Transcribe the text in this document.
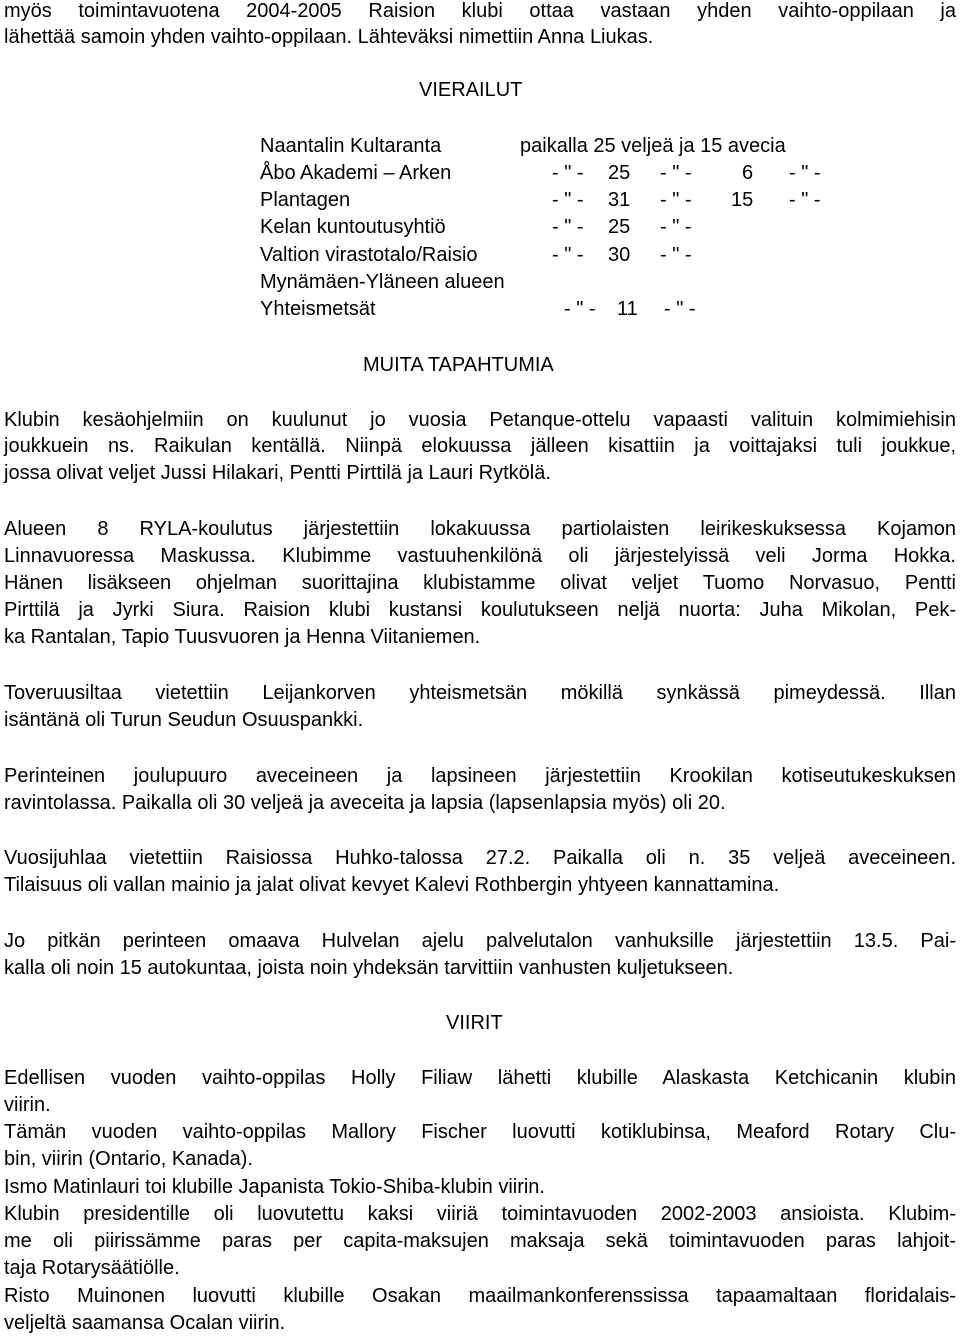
myös toimintavuotena 2004-2005 Raision klubi ottaa vastaan yhden vaihto-oppilaan ja
lähettää samoin yhden vaihto-oppilaan. Lähteväksi nimettiin Anna Liukas.
VIERAILUT
Naantalin Kultaranta	paikalla 25 veljeä ja 15 avecia
Åbo Akademi – Arken	- " - 25 - " -	6 - " -
Plantagen	- " - 31 - " - 15 - " -
Kelan kuntoutusyhtiö	- " - 25 - " -
Valtion virastotalo/Raisio	- " - 30 - " -
Mynämäen-Yläneen alueen
Yhteismetsät	- " - 11 - " -
MUITA TAPAHTUMIA
Klubin kesäohjelmiin on kuulunut jo vuosia Petanque-ottelu vapaasti valituin kolmimiehisin
joukkuein ns. Raikulan kentällä. Niinpä elokuussa jälleen kisattiin ja voittajaksi tuli joukkue,
jossa olivat veljet Jussi Hilakari, Pentti Pirttilä ja Lauri Rytkölä.
Alueen 8 RYLA-koulutus järjestettiin lokakuussa partiolaisten leirikeskuksessa Kojamon
Linnavuoressa Maskussa. Klubimme vastuuhenkilönä oli järjestelyissä veli Jorma Hokka.
Hänen lisäkseen ohjelman suorittajina klubistamme olivat veljet Tuomo Norvasuo, Pentti
Pirttilä ja Jyrki Siura. Raision klubi kustansi koulutukseen neljä nuorta: Juha Mikolan, Pek-
ka Rantalan, Tapio Tuusvuoren ja Henna Viitaniemen.
Toveruusiltaa vietettiin Leijankorven yhteismetsän mökillä synkässä pimeydessä. Illan
isäntänä oli Turun Seudun Osuuspankki.
Perinteinen joulupuuro aveceineen ja lapsineen järjestettiin Krookilan kotiseutukeskuksen
ravintolassa. Paikalla oli 30 veljeä ja aveceita ja lapsia (lapsenlapsia myös) oli 20.
Vuosijuhlaa vietettiin Raisiossa Huhko-talossa 27.2. Paikalla oli n. 35 veljeä aveceineen.
Tilaisuus oli vallan mainio ja jalat olivat kevyet Kalevi Rothbergin yhtyeen kannattamina.
Jo pitkän perinteen omaava Hulvelan ajelu palvelutalon vanhuksille järjestettiin 13.5. Pai-
kalla oli noin 15 autokuntaa, joista noin yhdeksän tarvittiin vanhusten kuljetukseen.
VIIRIT
Edellisen vuoden vaihto-oppilas Holly Filiaw lähetti klubille Alaskasta Ketchicanin klubin
viirin.
Tämän vuoden vaihto-oppilas Mallory Fischer luovutti kotiklubinsa, Meaford Rotary Clu-
bin, viirin (Ontario, Kanada).
Ismo Matinlauri toi klubille Japanista Tokio-Shiba-klubin viirin.
Klubin presidentille oli luovutettu kaksi viiriä toimintavuoden 2002-2003 ansioista. Klubim-
me oli piirissämme paras per capita-maksujen maksaja sekä toimintavuoden paras lahjoit-
taja Rotarysäätiölle.
Risto Muinonen luovutti klubille Osakan maailmankonferenssissa tapaamaltaan floridalais-
veljeltä saamansa Ocalan viirin.
